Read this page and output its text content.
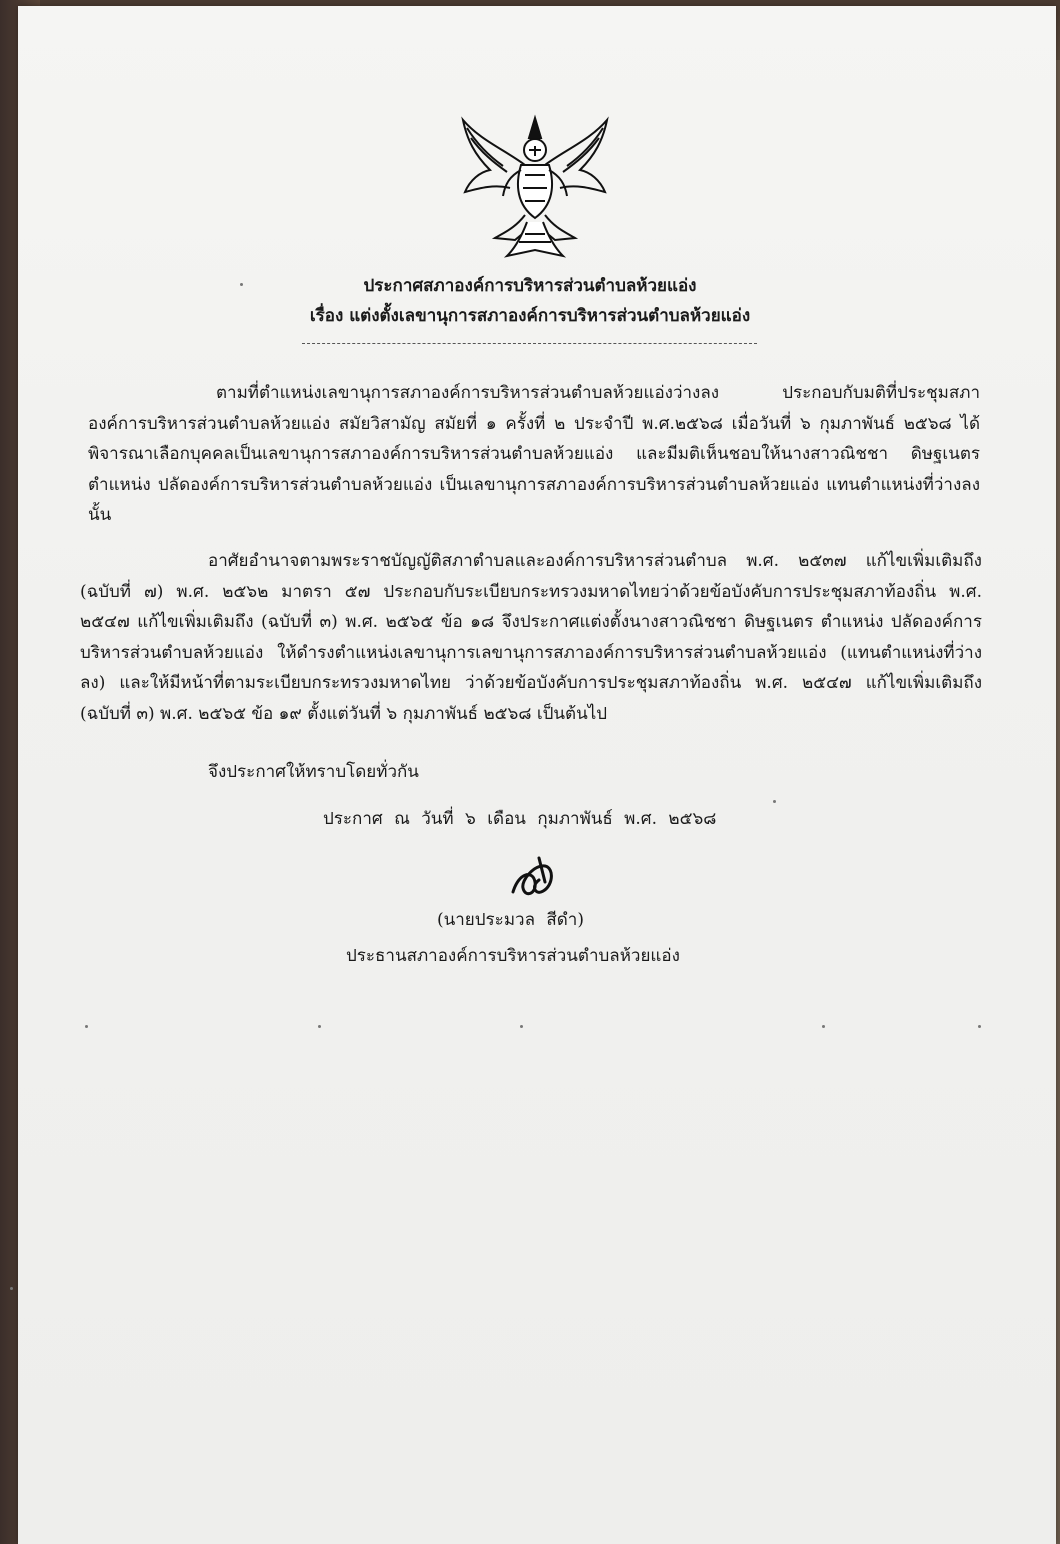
ประกาศสภาองค์การบริหารส่วนตำบลห้วยแอ่ง
เรื่อง แต่งตั้งเลขานุการสภาองค์การบริหารส่วนตำบลห้วยแอ่ง
ตามที่ตำแหน่งเลขานุการสภาองค์การบริหารส่วนตำบลห้วยแอ่งว่างลง ประกอบกับมติที่ประชุมสภาองค์การบริหารส่วนตำบลห้วยแอ่ง สมัยวิสามัญ สมัยที่ ๑ ครั้งที่ ๒ ประจำปี พ.ศ.๒๕๖๘ เมื่อวันที่ ๖ กุมภาพันธ์ ๒๕๖๘ ได้พิจารณาเลือกบุคคลเป็นเลขานุการสภาองค์การบริหารส่วนตำบลห้วยแอ่ง และมีมติเห็นชอบให้นางสาวณิชชา ดิษฐเนตร ตำแหน่ง ปลัดองค์การบริหารส่วนตำบลห้วยแอ่ง เป็นเลขานุการสภาองค์การบริหารส่วนตำบลห้วยแอ่ง แทนตำแหน่งที่ว่างลง นั้น
อาศัยอำนาจตามพระราชบัญญัติสภาตำบลและองค์การบริหารส่วนตำบล พ.ศ. ๒๕๓๗ แก้ไขเพิ่มเติมถึง (ฉบับที่ ๗) พ.ศ. ๒๕๖๒ มาตรา ๕๗ ประกอบกับระเบียบกระทรวงมหาดไทยว่าด้วยข้อบังคับการประชุมสภาท้องถิ่น พ.ศ. ๒๕๔๗ แก้ไขเพิ่มเติมถึง (ฉบับที่ ๓) พ.ศ. ๒๕๖๕ ข้อ ๑๘ จึงประกาศแต่งตั้งนางสาวณิชชา ดิษฐเนตร ตำแหน่ง ปลัดองค์การบริหารส่วนตำบลห้วยแอ่ง ให้ดำรงตำแหน่งเลขานุการเลขานุการสภาองค์การบริหารส่วนตำบลห้วยแอ่ง (แทนตำแหน่งที่ว่างลง) และให้มีหน้าที่ตามระเบียบกระทรวงมหาดไทย ว่าด้วยข้อบังคับการประชุมสภาท้องถิ่น พ.ศ. ๒๕๔๗ แก้ไขเพิ่มเติมถึง (ฉบับที่ ๓) พ.ศ. ๒๕๖๕ ข้อ ๑๙ ตั้งแต่วันที่ ๖ กุมภาพันธ์ ๒๕๖๘ เป็นต้นไป
จึงประกาศให้ทราบโดยทั่วกัน
ประกาศ ณ วันที่ ๖ เดือน กุมภาพันธ์ พ.ศ. ๒๕๖๘
(นายประมวล สีดำ)
ประธานสภาองค์การบริหารส่วนตำบลห้วยแอ่ง
